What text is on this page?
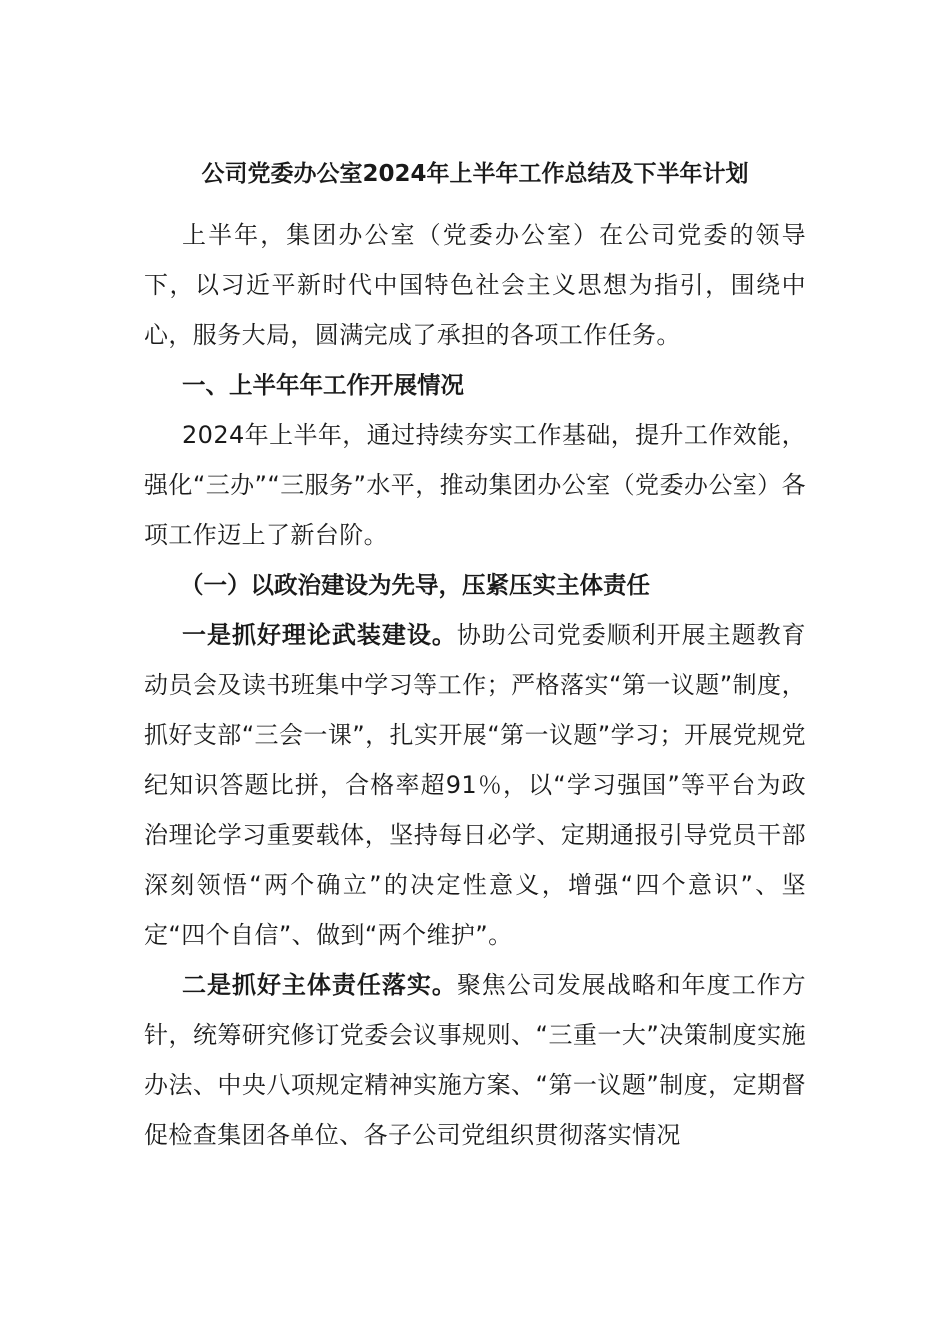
公司党委办公室2024年上半年工作总结及下半年计划

上半年，集团办公室（党委办公室）在公司党委的领导下，以习近平新时代中国特色社会主义思想为指引，围绕中心，服务大局，圆满完成了承担的各项工作任务。

一、上半年年工作开展情况

2024年上半年，通过持续夯实工作基础，提升工作效能，强化“三办”“三服务”水平，推动集团办公室（党委办公室）各项工作迈上了新台阶。

（一）以政治建设为先导，压紧压实主体责任

一是抓好理论武装建设。协助公司党委顺利开展主题教育动员会及读书班集中学习等工作；严格落实“第一议题”制度，抓好支部“三会一课”，扎实开展“第一议题”学习；开展党规党纪知识答题比拼，合格率超91％，以“学习强国”等平台为政治理论学习重要载体，坚持每日必学、定期通报引导党员干部深刻领悟“两个确立”的决定性意义，增强“四个意识”、坚定“四个自信”、做到“两个维护”。

二是抓好主体责任落实。聚焦公司发展战略和年度工作方针，统筹研究修订党委会议事规则、“三重一大”决策制度实施办法、中央八项规定精神实施方案、“第一议题”制度，定期督促检查集团各单位、各子公司党组织贯彻落实情况
